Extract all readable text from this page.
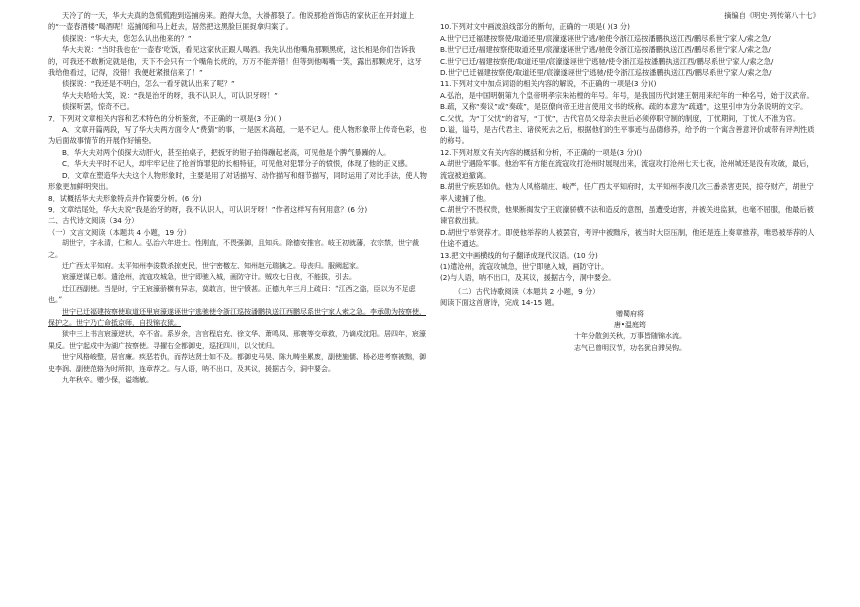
天冷了的一天，华大夫真的急慌慌跑到巡捕房来。跑得大急，大褂都裂了。他说那抢首饰店的家伙正在开封道上的“一壶春酒楼”喝酒呢！巡捕闻和马上赶去，居然把这黑脸巨匪捉拿归案了。

侦探说：“华大夫，您怎么认出他来的？”

华大夫说：“当时我也在‘一壶春’吃饭，看见这家伙正跟人喝酒。我先认出他嘴角那颗黑疣，这长相是你们告诉我的，可我还不敢断定就是他，天下不会只有一个嘴角长疣的，万万不能弄错！但等到他喝嘴一笑，露出那颗虎牙，这牙我给他看过，记得，没错！我便赶紧报信来了！”

侦探说：“我还是不明白，怎么一看牙就认出来了呢？”

华大夫哈哈大笑，说：“我是治牙的呀，我不认识人，可认识牙呀！”

侦探听罢，惊奇不已。

7．下列对文章相关内容和艺术特色的分析鉴赏，不正确的一项是(3 分)( )

A．文章开篇两段，写了华大夫两方面令人“费猜”的事，一是医术高超，一是不记人。使人物形象带上传奇色彩，也为后面故事情节的开展作好铺垫。

B．华大夫对两个侦探大动肝火，甚至拍桌子，把扳牙的钳子拍得蹦起老高，可见他是个脾气暴躁的人。

C．华大夫平时不记人，却牢牢记住了抢首饰罪犯的长相特征，可见他对犯罪分子的愤恨，体现了他的正义感。

D．文章在塑造华大夫这个人物形象时，主要是用了对话描写、动作描写和细节描写，同时运用了对比手法，使人物形象更加鲜明突出。

8．试概括华大夫形象特点并作简要分析。(6 分)

9．文章结尾处，华大夫说“我是治牙的呀，我不认识人，可认识牙呀！”作者这样写有何用意？(6 分)

二、古代诗文阅读（34 分）

（一）文言文阅读（本题共 4 小题，19 分）

胡世宁，字永清，仁和人。弘治六年进士。性刚直，不畏强御，且知兵。除德安推官。岐王初就藩，衣宗禁，世宁裁之。

迁广西太平知府。太平知州李浚数杀掠吏民，世宁密檄左、知州赵元瑞擒之。母丧归。服阙起家。

宸濠逆谋已彰。遣沧州，流寇攻城急，世宁即驰入城，画防守计。贼攻七日夜，不能拔，引去。

迁江西副使。当是时，宁王宸濠骄横有异志，莫敢言，世宁愤甚。正德九年三月上疏曰：“江西之盗，臣以为不足虑也。”

世宁已迁福建按察使取道还里宸濠遂诬世宁逃驰使令浙江巡按潘鹏执送江西鹏尽系世宁家人索之急。李承勋为按察使，保护之。世宁乃亡命抵京师，自投锦衣狱。

狱中三上书言宸濠逆状，卒不省。系岁余，言官程启充、徐文华、萧鸣凤、邢寰等交章救，乃谪戍沈阳。居四年，宸濠果反。世宁起戍中为湖广按察使。寻擢右佥都御史，巡抚四川，以父忧归。

世宁风格峻整，居官廉。疾恶若仇，而荐达贤士如不及。都御史马昊、陈九畴坐累废，副使施儒、杨必进考察被黜，御史李润、副使范辂为时所抑，连章荐之。与人语，呐不出口，及其议，援据古今，洞中要会。

九年秋卒。赠少保，谥端敏。

摘编自《明史·列传第八十七》

10.下列对文中画波浪线部分的断句，正确的一项是( )(3 分)

A.世宁已迁福建按察使/取道还里/宸濠遂诬世宁逃/驰使令浙江巡按潘鹏执送江西/鹏尽系世宁家人/索之急/

B.世宁已迁/福建按察使取道还里/宸濠遂诬世宁逃/驰使令浙江巡按潘鹏执送江西/鹏尽系世宁家人/索之急/

C.世宁已迁/福建按察使/取道还里/宸濠遂诬世宁逃驰/使令浙江巡按潘鹏执送江西/鹏尽系世宁家人/索之急/

D.世宁已迁福建按察使/取道还里/宸濠遂诬世宁逃驰/使令浙江巡按潘鹏执送江西/鹏尽系世宁家人/索之急/

11.下列对文中加点词语的相关内容的解说，不正确的一项是(3 分)()

A.弘治，是中国明朝第九个皇帝明孝宗朱祐樘的年号。年号，是我国历代封建王朝用来纪年的一种名号，始于汉武帝。

B.疏，又称“奏议”或“奏疏”，是臣僚向帝王进言使用文书的统称。疏的本意为“疏通”，这里引申为分条说明的文字。

C.父忧，为“丁父忧”的省写，“丁忧”，古代官员父母亲去世后必须停职守制的制度，丁忧期间，丁忧人不准为官。

D.谥，谥号，是古代君主、诸侯死去之后，根据他们的生平事迹与品德修养，给予的一个寓含善意评价或带有评判性质的称号。

12.下列对原文有关内容的概括和分析，不正确的一项是(3 分)()

A.胡世宁遇险军事。他治军有方能在流寇攻打沧州时展现出来，流寇攻打沧州七天七夜，沧州城还是没有攻破，最后，流寇被迫撤离。

B.胡世宁疾恶如仇。他为人风格端庄、峻严，任广西太平知府时，太平知州李浚几次三番杀害吏民，掠夺财产，胡世宁率人逮捕了他。

C.胡世宁不畏权贵，他果断揭发宁王宸濠骄横不法和造反的意图，虽遭受迫害，并被关进监狱，也毫不屈服，他最后被谏官救出狱。

D.胡世宁举贤荐才。即使他举荐的人被罢官，考评中被黜斥，被当时大臣压制，他还是连上奏章推荐，唯恐被举荐的人仕途不通达。

13.把文中画横线的句子翻译成现代汉语。(10 分)

(1)遣沧州，流寇攻城急，世宁即驰入城，画防守计。

(2)与人语，呐不出口，及其议，援据古今，洞中要会。

（二）古代诗歌阅读（本题共 2 小题，9 分）

阅读下面这首唐诗，完成 14-15 题。

赠蜀府将

唐•温庭筠

十年分散剑关秋，万事皆随锦水流。

志气已曾明汉节，功名犹自滞吴钩。
